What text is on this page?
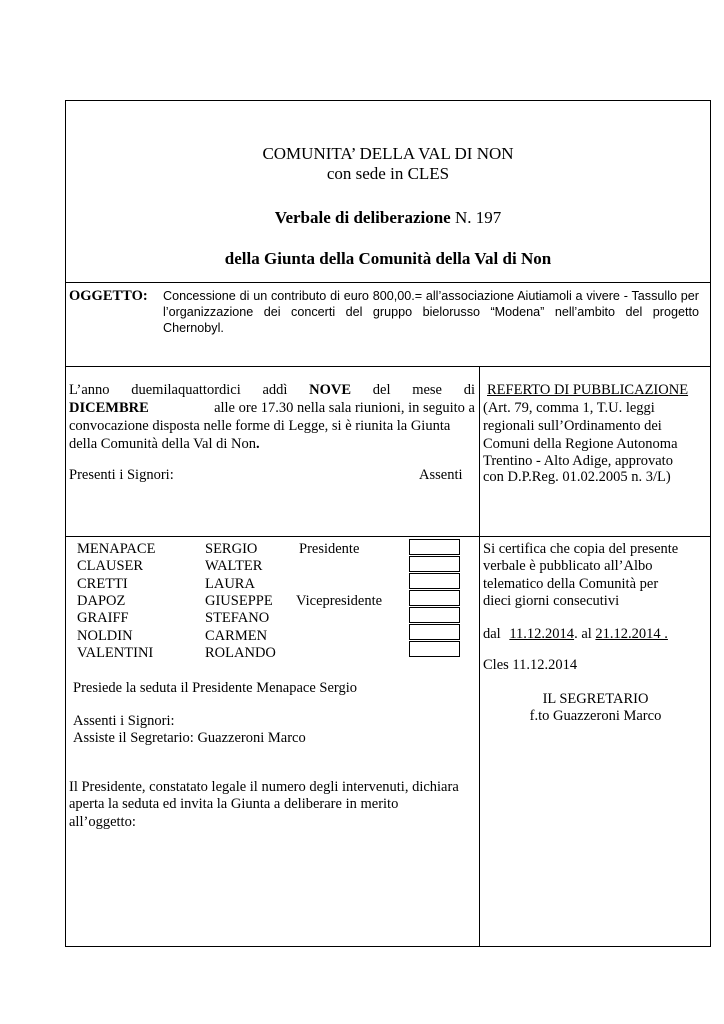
COMUNITA’ DELLA VAL DI NON
con sede in CLES
Verbale di deliberazione N. 197
della Giunta della Comunità della Val di Non
OGGETTO: Concessione di un contributo di euro 800,00.= all’associazione Aiutiamoli a vivere - Tassullo per l’organizzazione dei concerti del gruppo bielorusso “Modena” nell’ambito del progetto Chernobyl.
L’anno duemilaquattordici addì NOVE del mese di
DICEMBRE	alle ore 17.30 nella sala riunioni, in seguito a
convocazione disposta nelle forme di Legge, si è riunita la Giunta
della Comunità della Val di Non.
Presenti i Signori:	Assenti
REFERTO DI PUBBLICAZIONE
(Art. 79, comma 1, T.U. leggi
regionali sull’Ordinamento dei
Comuni della Regione Autonoma
Trentino - Alto Adige, approvato
con D.P.Reg. 01.02.2005 n. 3/L)
MENAPACE	SERGIO	Presidente
CLAUSER	WALTER
CRETTI	LAURA
DAPOZ	GIUSEPPE Vicepresidente
GRAIFF	STEFANO
NOLDIN	CARMEN
VALENTINI	ROLANDO
Presiede la seduta il Presidente Menapace Sergio
Assenti i Signori:
Assiste il Segretario: Guazzeroni Marco
Il Presidente, constatato legale il numero degli intervenuti, dichiara
aperta la seduta ed invita la Giunta a deliberare in merito
all’oggetto:
Si certifica che copia del presente
verbale è pubblicato all’Albo
telematico della Comunità per
dieci giorni consecutivi
dal 11.12.2014. al 21.12.2014 .
Cles 11.12.2014
IL SEGRETARIO
f.to Guazzeroni Marco
